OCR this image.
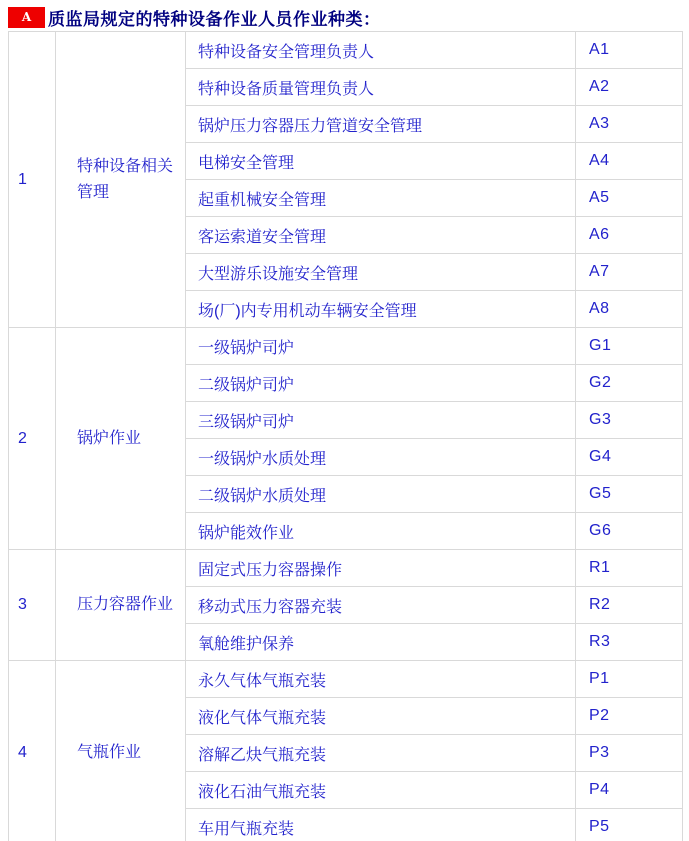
A 质监局规定的特种设备作业人员作业种类：
1	特种设备相关管理	特种设备安全管理负责人	A1
		特种设备质量管理负责人	A2
		锅炉压力容器压力管道安全管理	A3
		电梯安全管理	A4
		起重机械安全管理	A5
		客运索道安全管理	A6
		大型游乐设施安全管理	A7
		场(厂)内专用机动车辆安全管理	A8
2	锅炉作业	一级锅炉司炉	G1
		二级锅炉司炉	G2
		三级锅炉司炉	G3
		一级锅炉水质处理	G4
		二级锅炉水质处理	G5
		锅炉能效作业	G6
3	压力容器作业	固定式压力容器操作	R1
		移动式压力容器充装	R2
		氧舱维护保养	R3
4	气瓶作业	永久气体气瓶充装	P1
		液化气体气瓶充装	P2
		溶解乙炔气瓶充装	P3
		液化石油气瓶充装	P4
		车用气瓶充装	P5
